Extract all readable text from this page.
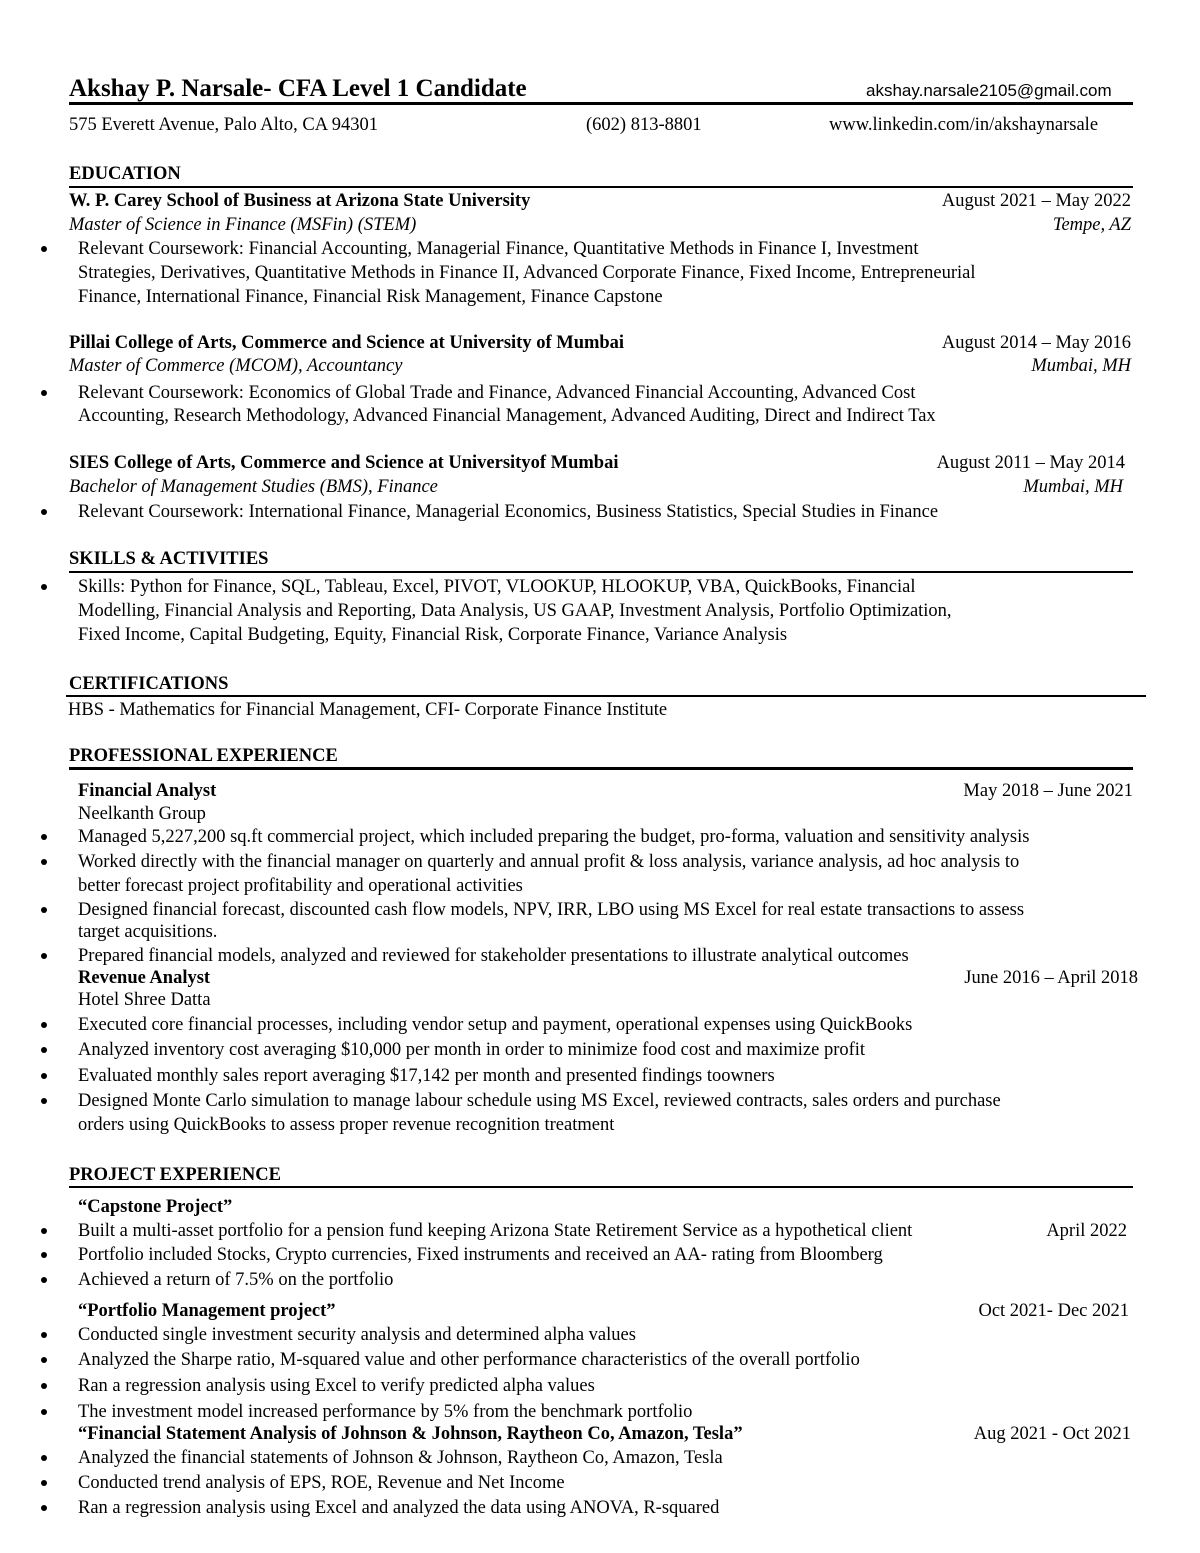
Akshay P. Narsale- CFA Level 1 Candidate	akshay.narsale2105@gmail.com
575 Everett Avenue, Palo Alto, CA 94301	(602) 813-8801	www.linkedin.com/in/akshaynarsale
EDUCATION
W. P. Carey School of Business at Arizona State University	August 2021 – May 2022
Master of Science in Finance (MSFin) (STEM)	Tempe, AZ
Relevant Coursework: Financial Accounting, Managerial Finance, Quantitative Methods in Finance I, Investment
Strategies, Derivatives, Quantitative Methods in Finance II, Advanced Corporate Finance, Fixed Income, Entrepreneurial
Finance, International Finance, Financial Risk Management, Finance Capstone
Pillai College of Arts, Commerce and Science at University of Mumbai	August 2014 – May 2016
Master of Commerce (MCOM), Accountancy	Mumbai, MH
Relevant Coursework: Economics of Global Trade and Finance, Advanced Financial Accounting, Advanced Cost
Accounting, Research Methodology, Advanced Financial Management, Advanced Auditing, Direct and Indirect Tax
SIES College of Arts, Commerce and Science at Universityof Mumbai	August 2011 – May 2014
Bachelor of Management Studies (BMS), Finance	Mumbai, MH
Relevant Coursework: International Finance, Managerial Economics, Business Statistics, Special Studies in Finance
SKILLS & ACTIVITIES
Skills: Python for Finance, SQL, Tableau, Excel, PIVOT, VLOOKUP, HLOOKUP, VBA, QuickBooks, Financial
Modelling, Financial Analysis and Reporting, Data Analysis, US GAAP, Investment Analysis, Portfolio Optimization,
Fixed Income, Capital Budgeting, Equity, Financial Risk, Corporate Finance, Variance Analysis
CERTIFICATIONS
HBS - Mathematics for Financial Management, CFI- Corporate Finance Institute
PROFESSIONAL EXPERIENCE
Financial Analyst	May 2018 – June 2021
Neelkanth Group
Managed 5,227,200 sq.ft commercial project, which included preparing the budget, pro-forma, valuation and sensitivity analysis
Worked directly with the financial manager on quarterly and annual profit & loss analysis, variance analysis, ad hoc analysis to
better forecast project profitability and operational activities
Designed financial forecast, discounted cash flow models, NPV, IRR, LBO using MS Excel for real estate transactions to assess
target acquisitions.
Prepared financial models, analyzed and reviewed for stakeholder presentations to illustrate analytical outcomes
Revenue Analyst	June 2016 – April 2018
Hotel Shree Datta
Executed core financial processes, including vendor setup and payment, operational expenses using QuickBooks
Analyzed inventory cost averaging $10,000 per month in order to minimize food cost and maximize profit
Evaluated monthly sales report averaging $17,142 per month and presented findings toowners
Designed Monte Carlo simulation to manage labour schedule using MS Excel, reviewed contracts, sales orders and purchase
orders using QuickBooks to assess proper revenue recognition treatment
PROJECT EXPERIENCE
“Capstone Project”
Built a multi-asset portfolio for a pension fund keeping Arizona State Retirement Service as a hypothetical client	April 2022
Portfolio included Stocks, Crypto currencies, Fixed instruments and received an AA- rating from Bloomberg
Achieved a return of 7.5% on the portfolio
“Portfolio Management project”	Oct 2021- Dec 2021
Conducted single investment security analysis and determined alpha values
Analyzed the Sharpe ratio, M-squared value and other performance characteristics of the overall portfolio
Ran a regression analysis using Excel to verify predicted alpha values
The investment model increased performance by 5% from the benchmark portfolio
“Financial Statement Analysis of Johnson & Johnson, Raytheon Co, Amazon, Tesla”	Aug 2021 - Oct 2021
Analyzed the financial statements of Johnson & Johnson, Raytheon Co, Amazon, Tesla
Conducted trend analysis of EPS, ROE, Revenue and Net Income
Ran a regression analysis using Excel and analyzed the data using ANOVA, R-squared
